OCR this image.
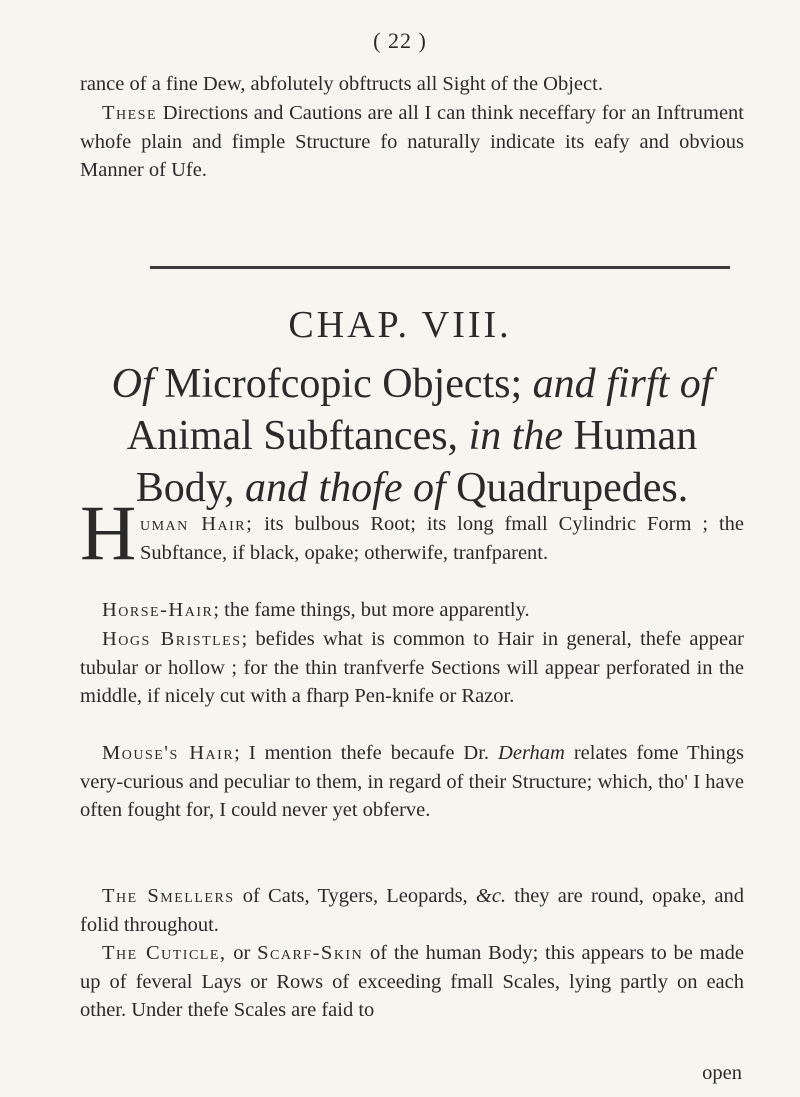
( 22 )
rance of a fine Dew, abfolutely obftructs all Sight of the Object.
These Directions and Cautions are all I can think neceffary for an Inftrument whofe plain and fimple Structure fo naturally indicate its eafy and obvious Manner of Ufe.
CHAP. VIII.
Of Microfcopic Objects; and firft of
Animal Subftances, in the Human
Body, and thofe of Quadrupedes.
H uman Hair; its bulbous Root; its long fmall Cylindric Form ; the Subftance, if black, opake; otherwife, tranfparent.
Horse-Hair; the fame things, but more apparently.
Hogs Bristles; befides what is common to Hair in general, thefe appear tubular or hollow ; for the thin tranfverfe Sections will appear perforated in the middle, if nicely cut with a fharp Pen-knife or Razor.
Mouse's Hair; I mention thefe becaufe Dr. Derham relates fome Things very-curious and peculiar to them, in regard of their Structure; which, tho' I have often fought for, I could never yet obferve.
The Smellers of Cats, Tygers, Leopards, &c. they are round, opake, and folid throughout.
The Cuticle, or Scarf-Skin of the human Body; this appears to be made up of feveral Lays or Rows of exceeding fmall Scales, lying partly on each other. Under thefe Scales are faid to
open
